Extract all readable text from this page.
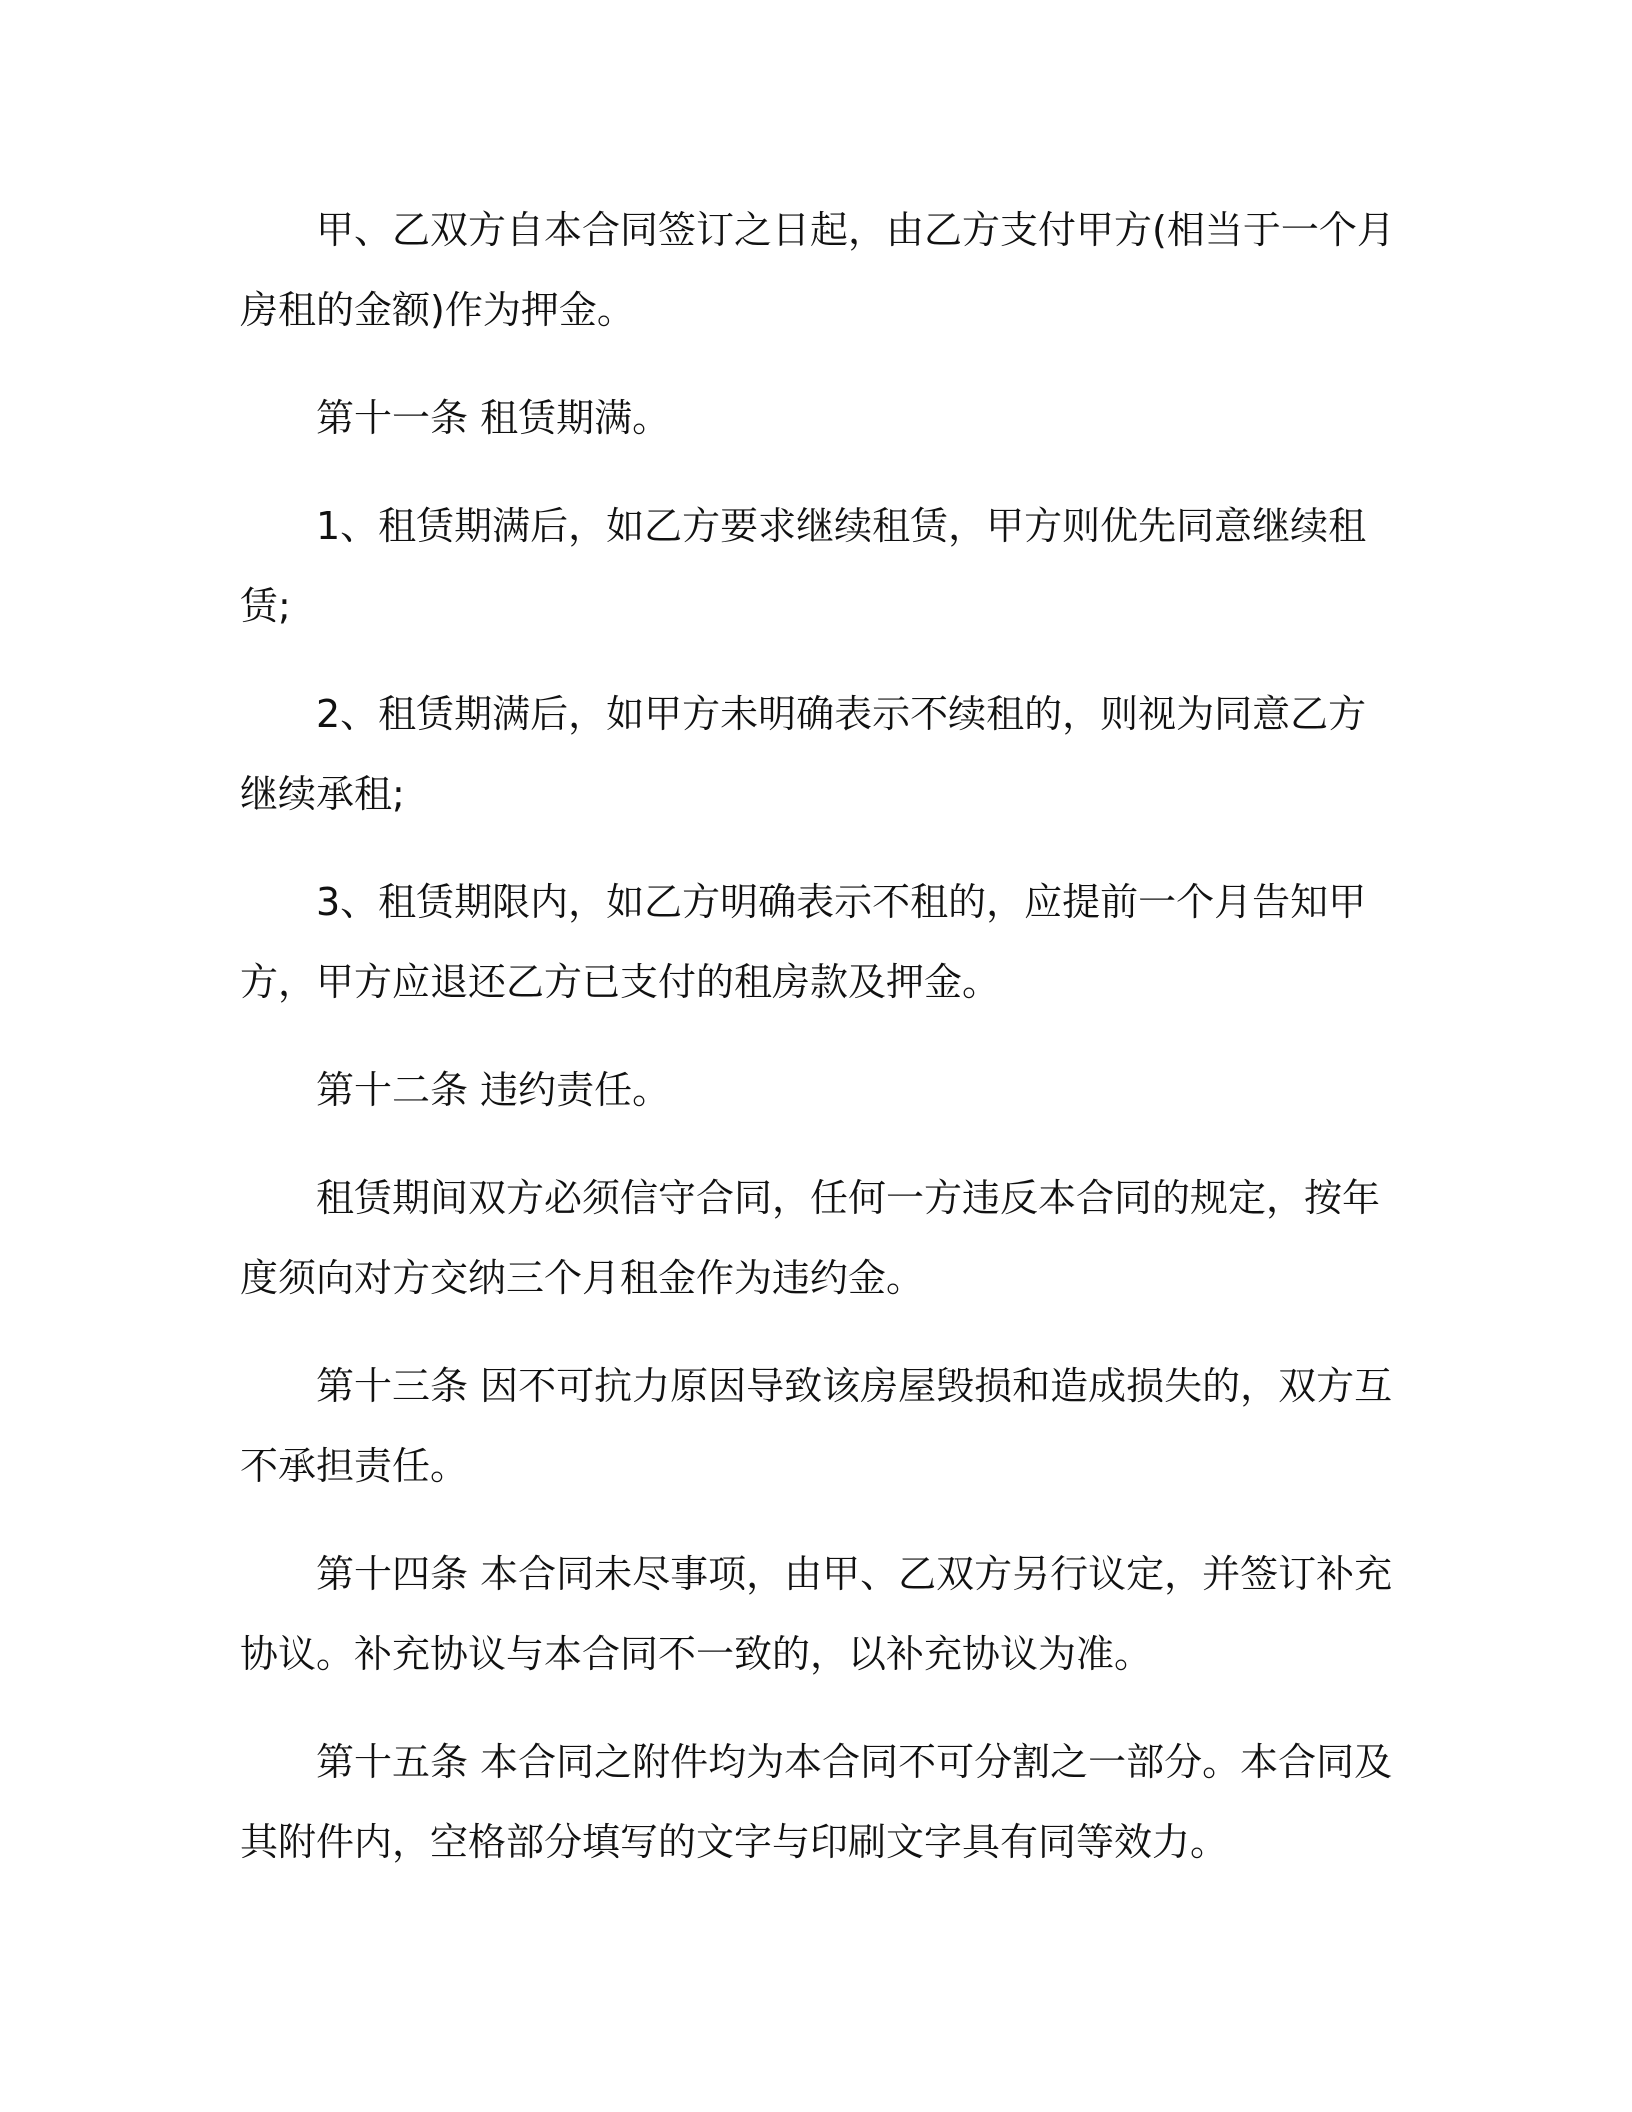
甲、乙双方自本合同签订之日起，由乙方支付甲方(相当于一个月房租的金额)作为押金。

第十一条 租赁期满。

1、租赁期满后，如乙方要求继续租赁，甲方则优先同意继续租赁;

2、租赁期满后，如甲方未明确表示不续租的，则视为同意乙方继续承租;

3、租赁期限内，如乙方明确表示不租的，应提前一个月告知甲方，甲方应退还乙方已支付的租房款及押金。

第十二条 违约责任。

租赁期间双方必须信守合同，任何一方违反本合同的规定，按年度须向对方交纳三个月租金作为违约金。

第十三条 因不可抗力原因导致该房屋毁损和造成损失的，双方互不承担责任。

第十四条 本合同未尽事项，由甲、乙双方另行议定，并签订补充协议。补充协议与本合同不一致的，以补充协议为准。

第十五条 本合同之附件均为本合同不可分割之一部分。本合同及其附件内，空格部分填写的文字与印刷文字具有同等效力。
